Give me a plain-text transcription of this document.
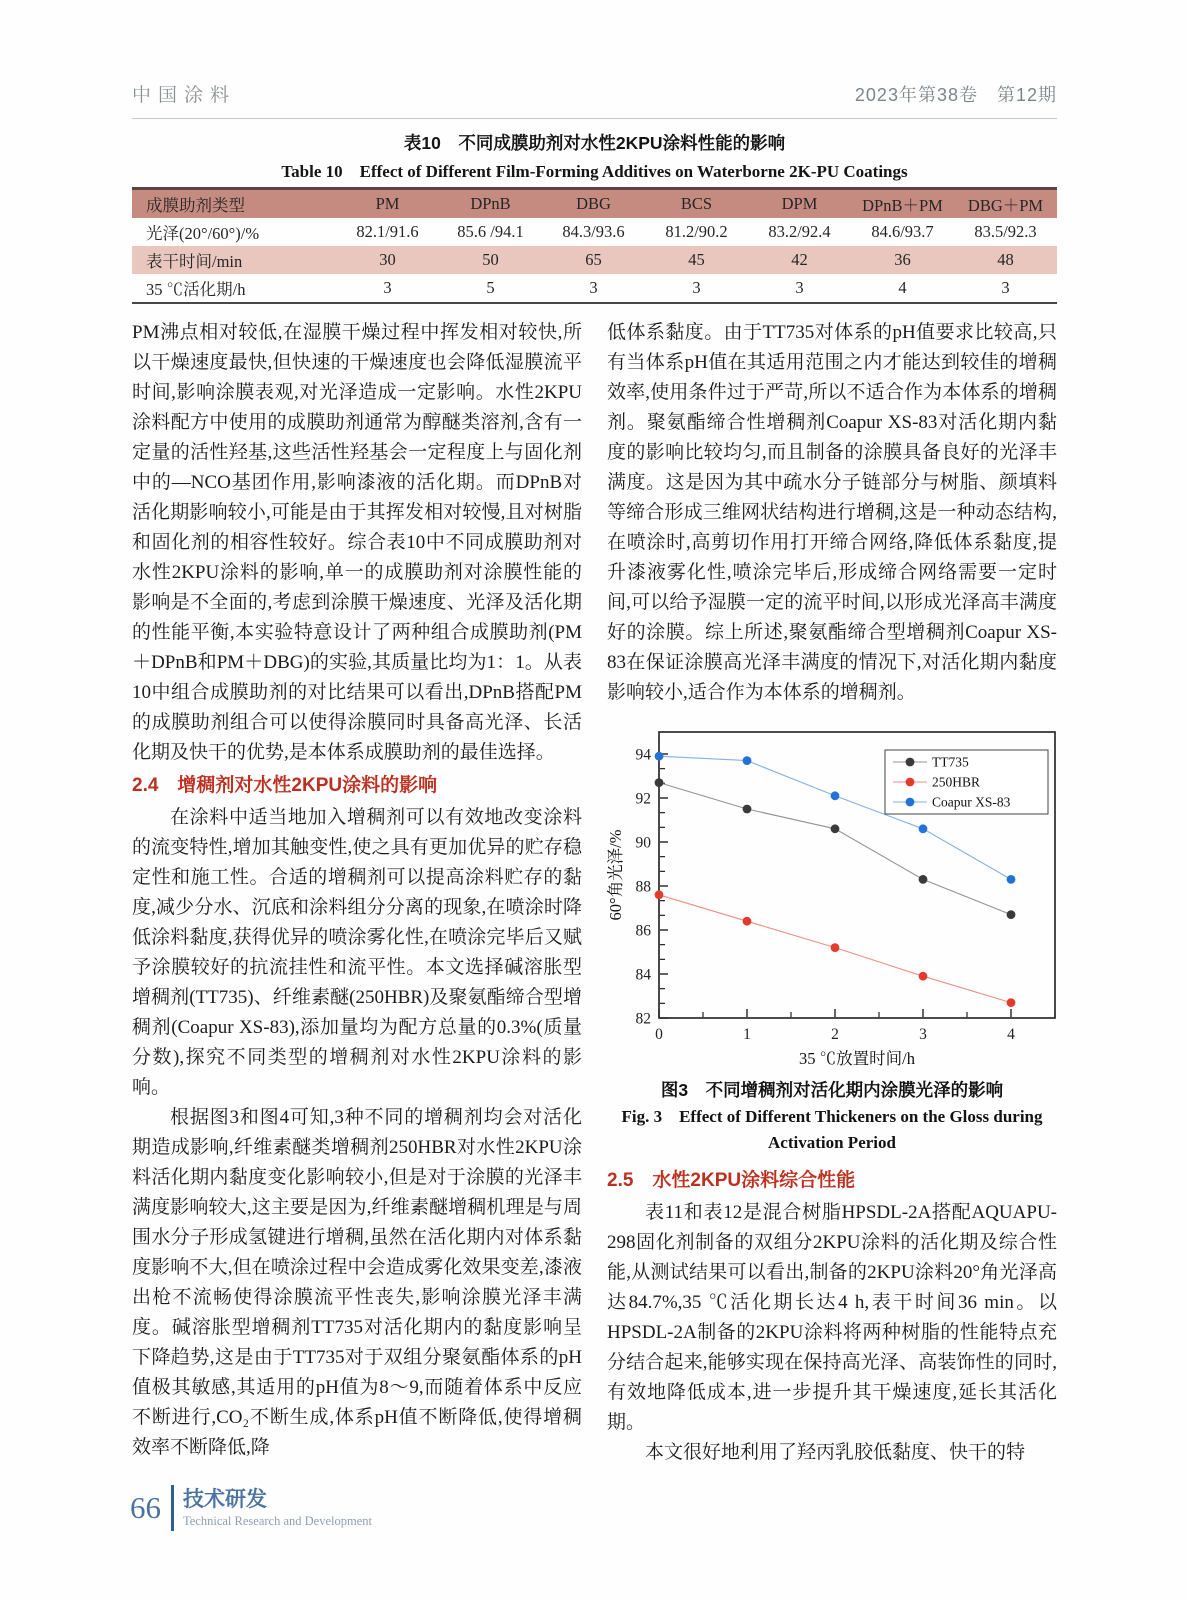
中国涂料	2023年第38卷　第12期
表10　不同成膜助剂对水性2KPU涂料性能的影响
Table 10　Effect of Different Film-Forming Additives on Waterborne 2K-PU Coatings
成膜助剂类型	PM	DPnB	DBG	BCS	DPM	DPnB＋PM	DBG＋PM
光泽(20°/60°)/%	82.1/91.6	85.6 /94.1	84.3/93.6	81.2/90.2	83.2/92.4	84.6/93.7	83.5/92.3
表干时间/min	30	50	65	45	42	36	48
35 ℃活化期/h	3	5	3	3	3	4	3

PM沸点相对较低,在湿膜干燥过程中挥发相对较快,所以干燥速度最快,但快速的干燥速度也会降低湿膜流平时间,影响涂膜表观,对光泽造成一定影响。水性2KPU涂料配方中使用的成膜助剂通常为醇醚类溶剂,含有一定量的活性羟基,这些活性羟基会一定程度上与固化剂中的—NCO基团作用,影响漆液的活化期。而DPnB对活化期影响较小,可能是由于其挥发相对较慢,且对树脂和固化剂的相容性较好。综合表10中不同成膜助剂对水性2KPU涂料的影响,单一的成膜助剂对涂膜性能的影响是不全面的,考虑到涂膜干燥速度、光泽及活化期的性能平衡,本实验特意设计了两种组合成膜助剂(PM＋DPnB和PM＋DBG)的实验,其质量比均为1：1。从表10中组合成膜助剂的对比结果可以看出,DPnB搭配PM的成膜助剂组合可以使得涂膜同时具备高光泽、长活化期及快干的优势,是本体系成膜助剂的最佳选择。

2.4　增稠剂对水性2KPU涂料的影响

在涂料中适当地加入增稠剂可以有效地改变涂料的流变特性,增加其触变性,使之具有更加优异的贮存稳定性和施工性。合适的增稠剂可以提高涂料贮存的黏度,减少分水、沉底和涂料组分分离的现象,在喷涂时降低涂料黏度,获得优异的喷涂雾化性,在喷涂完毕后又赋予涂膜较好的抗流挂性和流平性。本文选择碱溶胀型增稠剂(TT735)、纤维素醚(250HBR)及聚氨酯缔合型增稠剂(Coapur XS-83),添加量均为配方总量的0.3%(质量分数),探究不同类型的增稠剂对水性2KPU涂料的影响。

根据图3和图4可知,3种不同的增稠剂均会对活化期造成影响,纤维素醚类增稠剂250HBR对水性2KPU涂料活化期内黏度变化影响较小,但是对于涂膜的光泽丰满度影响较大,这主要是因为,纤维素醚增稠机理是与周围水分子形成氢键进行增稠,虽然在活化期内对体系黏度影响不大,但在喷涂过程中会造成雾化效果变差,漆液出枪不流畅使得涂膜流平性丧失,影响涂膜光泽丰满度。碱溶胀型增稠剂TT735对活化期内的黏度影响呈下降趋势,这是由于TT735对于双组分聚氨酯体系的pH值极其敏感,其适用的pH值为8～9,而随着体系中反应不断进行,CO₂不断生成,体系pH值不断降低,使得增稠效率不断降低,降

低体系黏度。由于TT735对体系的pH值要求比较高,只有当体系pH值在其适用范围之内才能达到较佳的增稠效率,使用条件过于严苛,所以不适合作为本体系的增稠剂。聚氨酯缔合性增稠剂Coapur XS-83对活化期内黏度的影响比较均匀,而且制备的涂膜具备良好的光泽丰满度。这是因为其中疏水分子链部分与树脂、颜填料等缔合形成三维网状结构进行增稠,这是一种动态结构,在喷涂时,高剪切作用打开缔合网络,降低体系黏度,提升漆液雾化性,喷涂完毕后,形成缔合网络需要一定时间,可以给予湿膜一定的流平时间,以形成光泽高丰满度好的涂膜。综上所述,聚氨酯缔合型增稠剂Coapur XS-83在保证涂膜高光泽丰满度的情况下,对活化期内黏度影响较小,适合作为本体系的增稠剂。

82
84
86
88
90
92
94
0	1	2	3	4
60°角光泽/%
35 ℃放置时间/h
TT735
250HBR
Coapur XS-83
图3　不同增稠剂对活化期内涂膜光泽的影响
Fig. 3　Effect of Different Thickeners on the Gloss during
Activation Period
2.5　水性2KPU涂料综合性能

表11和表12是混合树脂HPSDL-2A搭配AQUAPU-298固化剂制备的双组分2KPU涂料的活化期及综合性能,从测试结果可以看出,制备的2KPU涂料20°角光泽高达84.7%,35 ℃活化期长达4 h,表干时间36 min。以HPSDL-2A制备的2KPU涂料将两种树脂的性能特点充分结合起来,能够实现在保持高光泽、高装饰性的同时,有效地降低成本,进一步提升其干燥速度,延长其活化期。

本文很好地利用了羟丙乳胶低黏度、快干的特

66 技术研发
Technical Research and Development
